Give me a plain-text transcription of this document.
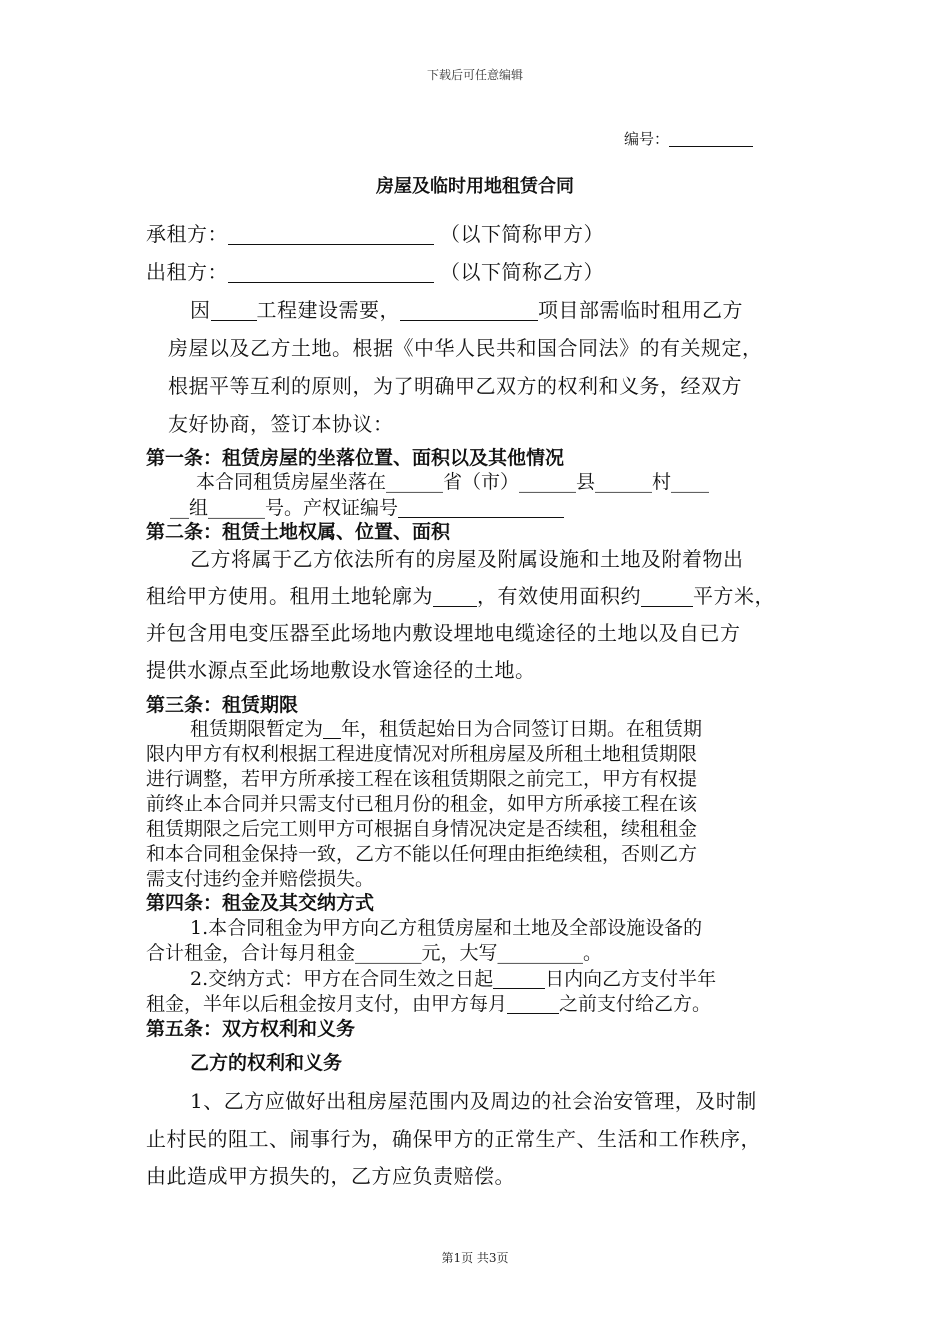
下载后可任意编辑
编号：
房屋及临时用地租赁合同
承租方：	（以下简称甲方）
出租方：	（以下简称乙方）
因 工程建设需要，	项目部需临时租用乙方
房屋以及乙方土地。根据《中华人民共和国合同法》的有关规定，
根据平等互利的原则，为了明确甲乙双方的权利和义务，经双方
友好协商，签订本协议：
第一条：租赁房屋的坐落位置、面积以及其他情况
本合同租赁房屋坐落在______省（市）______县______村____
__组______号。产权证编号
第二条：租赁土地权属、位置、面积
乙方将属于乙方依法所有的房屋及附属设施和土地及附着物出
租给甲方使用。租用土地轮廓为 ，有效使用面积约	平方米，
并包含用电变压器至此场地内敷设埋地电缆途径的土地以及自已方
提供水源点至此场地敷设水管途径的土地。
第三条：租赁期限
租赁期限暂定为 年，租赁起始日为合同签订日期。在租赁期
限内甲方有权利根据工程进度情况对所租房屋及所租土地租赁期限
进行调整，若甲方所承接工程在该租赁期限之前完工，甲方有权提
前终止本合同并只需支付已租月份的租金，如甲方所承接工程在该
租赁期限之后完工则甲方可根据自身情况决定是否续租，续租租金
和本合同租金保持一致，乙方不能以任何理由拒绝续租，否则乙方
需支付违约金并赔偿损失。
第四条：租金及其交纳方式
1.本合同租金为甲方向乙方租赁房屋和土地及全部设施设备的
合计租金，合计每月租金_______元，大写_________。
2.交纳方式：甲方在合同生效之日起	日内向乙方支付半年
租金，半年以后租金按月支付，由甲方每月	之前支付给乙方。
第五条：双方权利和义务
乙方的权利和义务
1、乙方应做好出租房屋范围内及周边的社会治安管理，及时制
止村民的阻工、闹事行为，确保甲方的正常生产、生活和工作秩序，
由此造成甲方损失的，乙方应负责赔偿。
第1页 共3页
